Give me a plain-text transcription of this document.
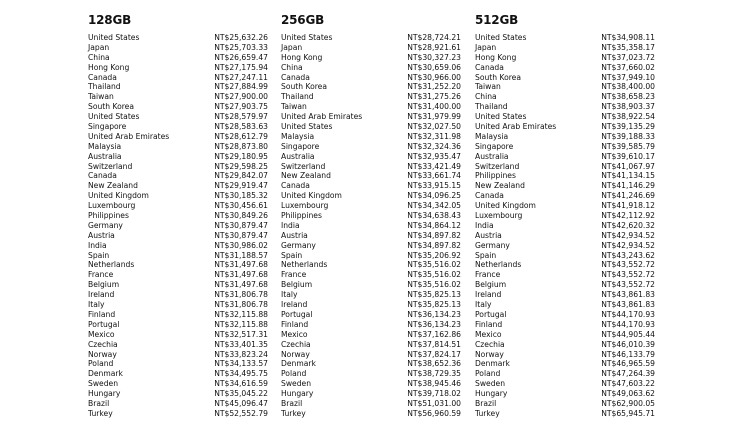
128GB
United States	NT$25,632.26
Japan	NT$25,703.33
China	NT$26,659.47
Hong Kong	NT$27,175.94
Canada	NT$27,247.11
Thailand	NT$27,884.99
Taiwan	NT$27,900.00
South Korea	NT$27,903.75
United States	NT$28,579.97
Singapore	NT$28,583.63
United Arab Emirates	NT$28,612.79
Malaysia	NT$28,873.80
Australia	NT$29,180.95
Switzerland	NT$29,598.25
Canada	NT$29,842.07
New Zealand	NT$29,919.47
United Kingdom	NT$30,185.32
Luxembourg	NT$30,456.61
Philippines	NT$30,849.26
Germany	NT$30,879.47
Austria	NT$30,879.47
India	NT$30,986.02
Spain	NT$31,188.57
Netherlands	NT$31,497.68
France	NT$31,497.68
Belgium	NT$31,497.68
Ireland	NT$31,806.78
Italy	NT$31,806.78
Finland	NT$32,115.88
Portugal	NT$32,115.88
Mexico	NT$32,517.31
Czechia	NT$33,401.35
Norway	NT$33,823.24
Poland	NT$34,133.57
Denmark	NT$34,495.75
Sweden	NT$34,616.59
Hungary	NT$35,045.22
Brazil	NT$45,096.47
Turkey	NT$52,552.79
256GB
United States	NT$28,724.21
Japan	NT$28,921.61
Hong Kong	NT$30,327.23
China	NT$30,659.06
Canada	NT$30,966.00
South Korea	NT$31,252.20
Thailand	NT$31,275.26
Taiwan	NT$31,400.00
United Arab Emirates	NT$31,979.99
United States	NT$32,027.50
Malaysia	NT$32,311.98
Singapore	NT$32,324.36
Australia	NT$32,935.47
Switzerland	NT$33,421.49
New Zealand	NT$33,661.74
Canada	NT$33,915.15
United Kingdom	NT$34,096.25
Luxembourg	NT$34,342.05
Philippines	NT$34,638.43
India	NT$34,864.12
Austria	NT$34,897.82
Germany	NT$34,897.82
Spain	NT$35,206.92
Netherlands	NT$35,516.02
France	NT$35,516.02
Belgium	NT$35,516.02
Italy	NT$35,825.13
Ireland	NT$35,825.13
Portugal	NT$36,134.23
Finland	NT$36,134.23
Mexico	NT$37,162.86
Czechia	NT$37,814.51
Norway	NT$37,824.17
Denmark	NT$38,652.36
Poland	NT$38,729.35
Sweden	NT$38,945.46
Hungary	NT$39,718.02
Brazil	NT$51,031.00
Turkey	NT$56,960.59
512GB
United States	NT$34,908.11
Japan	NT$35,358.17
Hong Kong	NT$37,023.72
Canada	NT$37,660.02
South Korea	NT$37,949.10
Taiwan	NT$38,400.00
China	NT$38,658.23
Thailand	NT$38,903.37
United States	NT$38,922.54
United Arab Emirates	NT$39,135.29
Malaysia	NT$39,188.33
Singapore	NT$39,585.79
Australia	NT$39,610.17
Switzerland	NT$41,067.97
Philippines	NT$41,134.15
New Zealand	NT$41,146.29
Canada	NT$41,246.69
United Kingdom	NT$41,918.12
Luxembourg	NT$42,112.92
India	NT$42,620.32
Austria	NT$42,934.52
Germany	NT$42,934.52
Spain	NT$43,243.62
Netherlands	NT$43,552.72
France	NT$43,552.72
Belgium	NT$43,552.72
Ireland	NT$43,861.83
Italy	NT$43,861.83
Portugal	NT$44,170.93
Finland	NT$44,170.93
Mexico	NT$44,905.44
Czechia	NT$46,010.39
Norway	NT$46,133.79
Denmark	NT$46,965.59
Poland	NT$47,264.39
Sweden	NT$47,603.22
Hungary	NT$49,063.62
Brazil	NT$62,900.05
Turkey	NT$65,945.71
